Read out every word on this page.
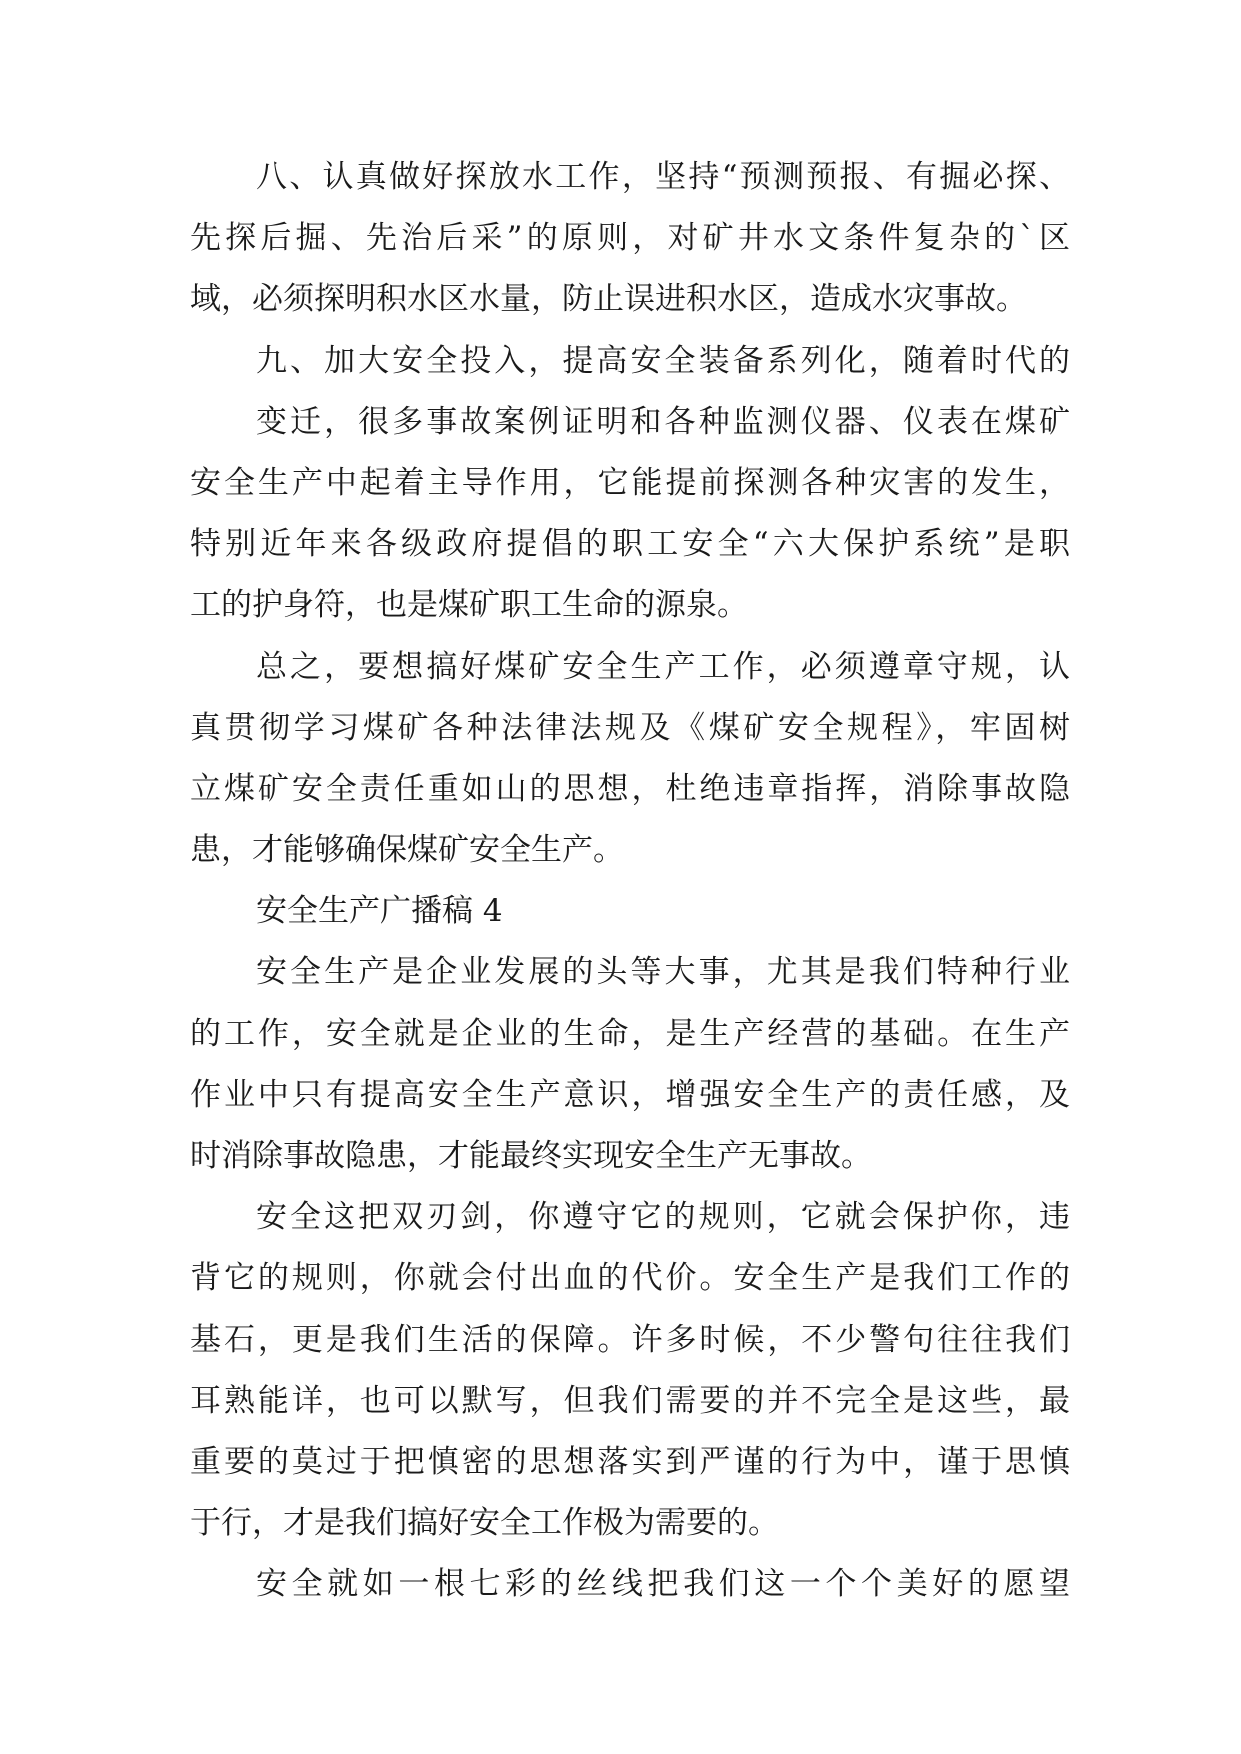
八、认真做好探放水工作，坚持“预测预报、有掘必探、
先探后掘、先治后采”的原则，对矿井水文条件复杂的`区
域，必须探明积水区水量，防止误进积水区，造成水灾事故。
九、加大安全投入，提高安全装备系列化，随着时代的
变迁，很多事故案例证明和各种监测仪器、仪表在煤矿
安全生产中起着主导作用，它能提前探测各种灾害的发生，
特别近年来各级政府提倡的职工安全“六大保护系统”是职
工的护身符，也是煤矿职工生命的源泉。
总之，要想搞好煤矿安全生产工作，必须遵章守规，认
真贯彻学习煤矿各种法律法规及《煤矿安全规程》，牢固树
立煤矿安全责任重如山的思想，杜绝违章指挥，消除事故隐
患，才能够确保煤矿安全生产。
安全生产广播稿 4
安全生产是企业发展的头等大事，尤其是我们特种行业
的工作，安全就是企业的生命，是生产经营的基础。在生产
作业中只有提高安全生产意识，增强安全生产的责任感，及
时消除事故隐患，才能最终实现安全生产无事故。
安全这把双刃剑，你遵守它的规则，它就会保护你，违
背它的规则，你就会付出血的代价。安全生产是我们工作的
基石，更是我们生活的保障。许多时候，不少警句往往我们
耳熟能详，也可以默写，但我们需要的并不完全是这些，最
重要的莫过于把慎密的思想落实到严谨的行为中，谨于思慎
于行，才是我们搞好安全工作极为需要的。
安全就如一根七彩的丝线把我们这一个个美好的愿望
